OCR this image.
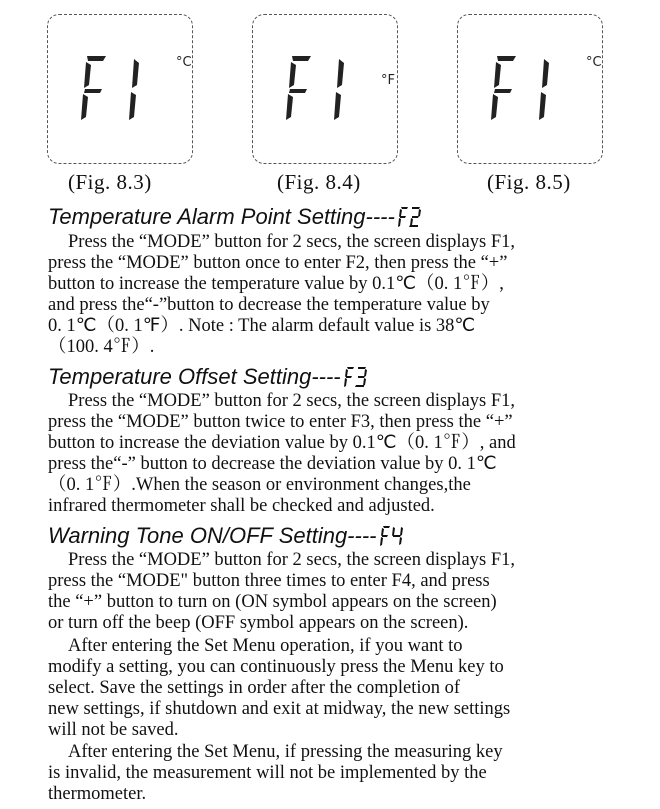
°C
(Fig. 8.3)
°F
(Fig. 8.4)
°C
(Fig. 8.5)
Temperature Alarm Point Setting----

Press the “MODE” button for 2 secs, the screen displays F1,
press the “MODE” button once to enter F2, then press the “+”
button to increase the temperature value by 0.1℃（0. 1℉）,
and press the“-”button to decrease the temperature value by
0. 1℃（0. 1℉）. Note : The alarm default value is 38℃
（100. 4℉）.

Temperature Offset Setting----

Press the “MODE” button for 2 secs, the screen displays F1,
press the “MODE” button twice to enter F3, then press the “+”
button to increase the deviation value by 0.1℃（0. 1℉）, and
press the“-” button to decrease the deviation value by 0. 1℃
（0. 1℉）.When the season or environment changes,the
infrared thermometer shall be checked and adjusted.

Warning Tone ON/OFF Setting----

Press the “MODE” button for 2 secs, the screen displays F1,
press the “MODE" button three times to enter F4, and press
the “+” button to turn on (ON symbol appears on the screen)
or turn off the beep (OFF symbol appears on the screen).

After entering the Set Menu operation, if you want to
modify a setting, you can continuously press the Menu key to
select. Save the settings in order after the completion of
new settings, if shutdown and exit at midway, the new settings
will not be saved.

After entering the Set Menu, if pressing the measuring key
is invalid, the measurement will not be implemented by the
thermometer.
